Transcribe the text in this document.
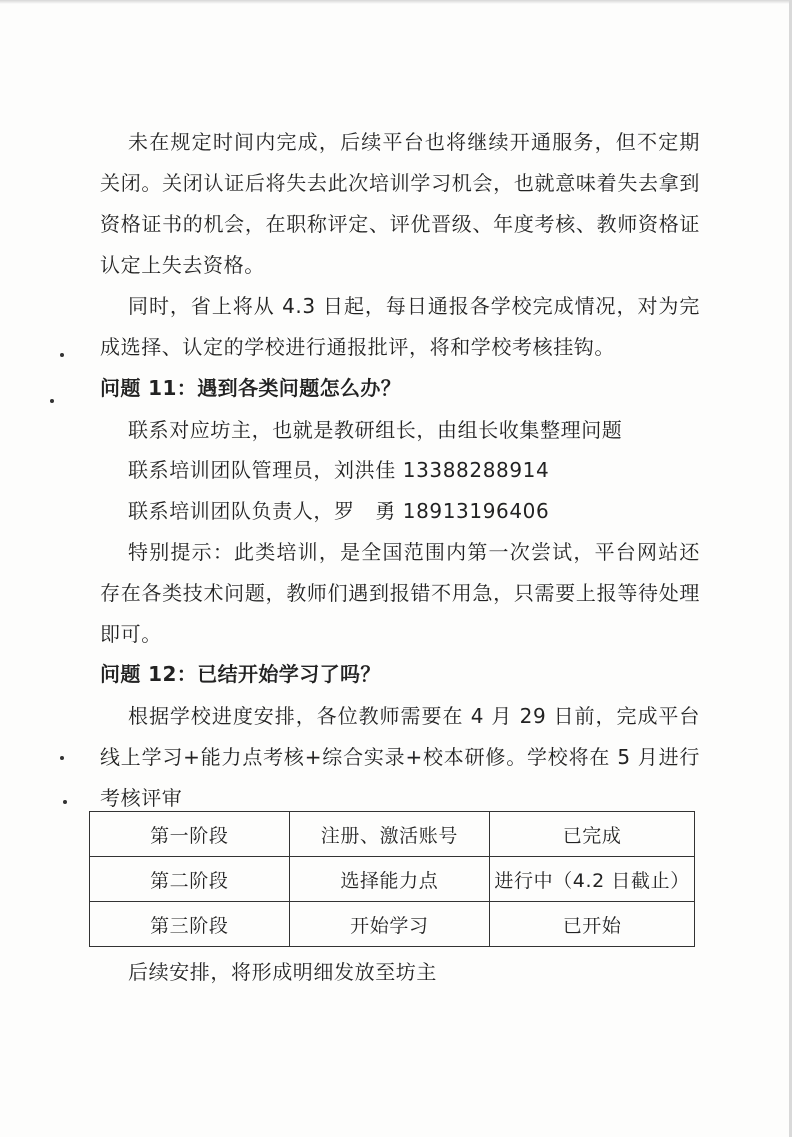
未在规定时间内完成，后续平台也将继续开通服务，但不定期关闭。关闭认证后将失去此次培训学习机会，也就意味着失去拿到资格证书的机会，在职称评定、评优晋级、年度考核、教师资格证认定上失去资格。

同时，省上将从 4.3 日起，每日通报各学校完成情况，对为完成选择、认定的学校进行通报批评，将和学校考核挂钩。

问题 11：遇到各类问题怎么办？

联系对应坊主，也就是教研组长，由组长收集整理问题

联系培训团队管理员，刘洪佳 13388288914

联系培训团队负责人，罗　勇 18913196406

特别提示：此类培训，是全国范围内第一次尝试，平台网站还存在各类技术问题，教师们遇到报错不用急，只需要上报等待处理即可。

问题 12：已结开始学习了吗？

根据学校进度安排，各位教师需要在 4 月 29 日前，完成平台线上学习+能力点考核+综合实录+校本研修。学校将在 5 月进行考核评审

第一阶段	注册、激活账号	已完成
第二阶段	选择能力点	进行中（4.2 日截止）
第三阶段	开始学习	已开始

后续安排，将形成明细发放至坊主
